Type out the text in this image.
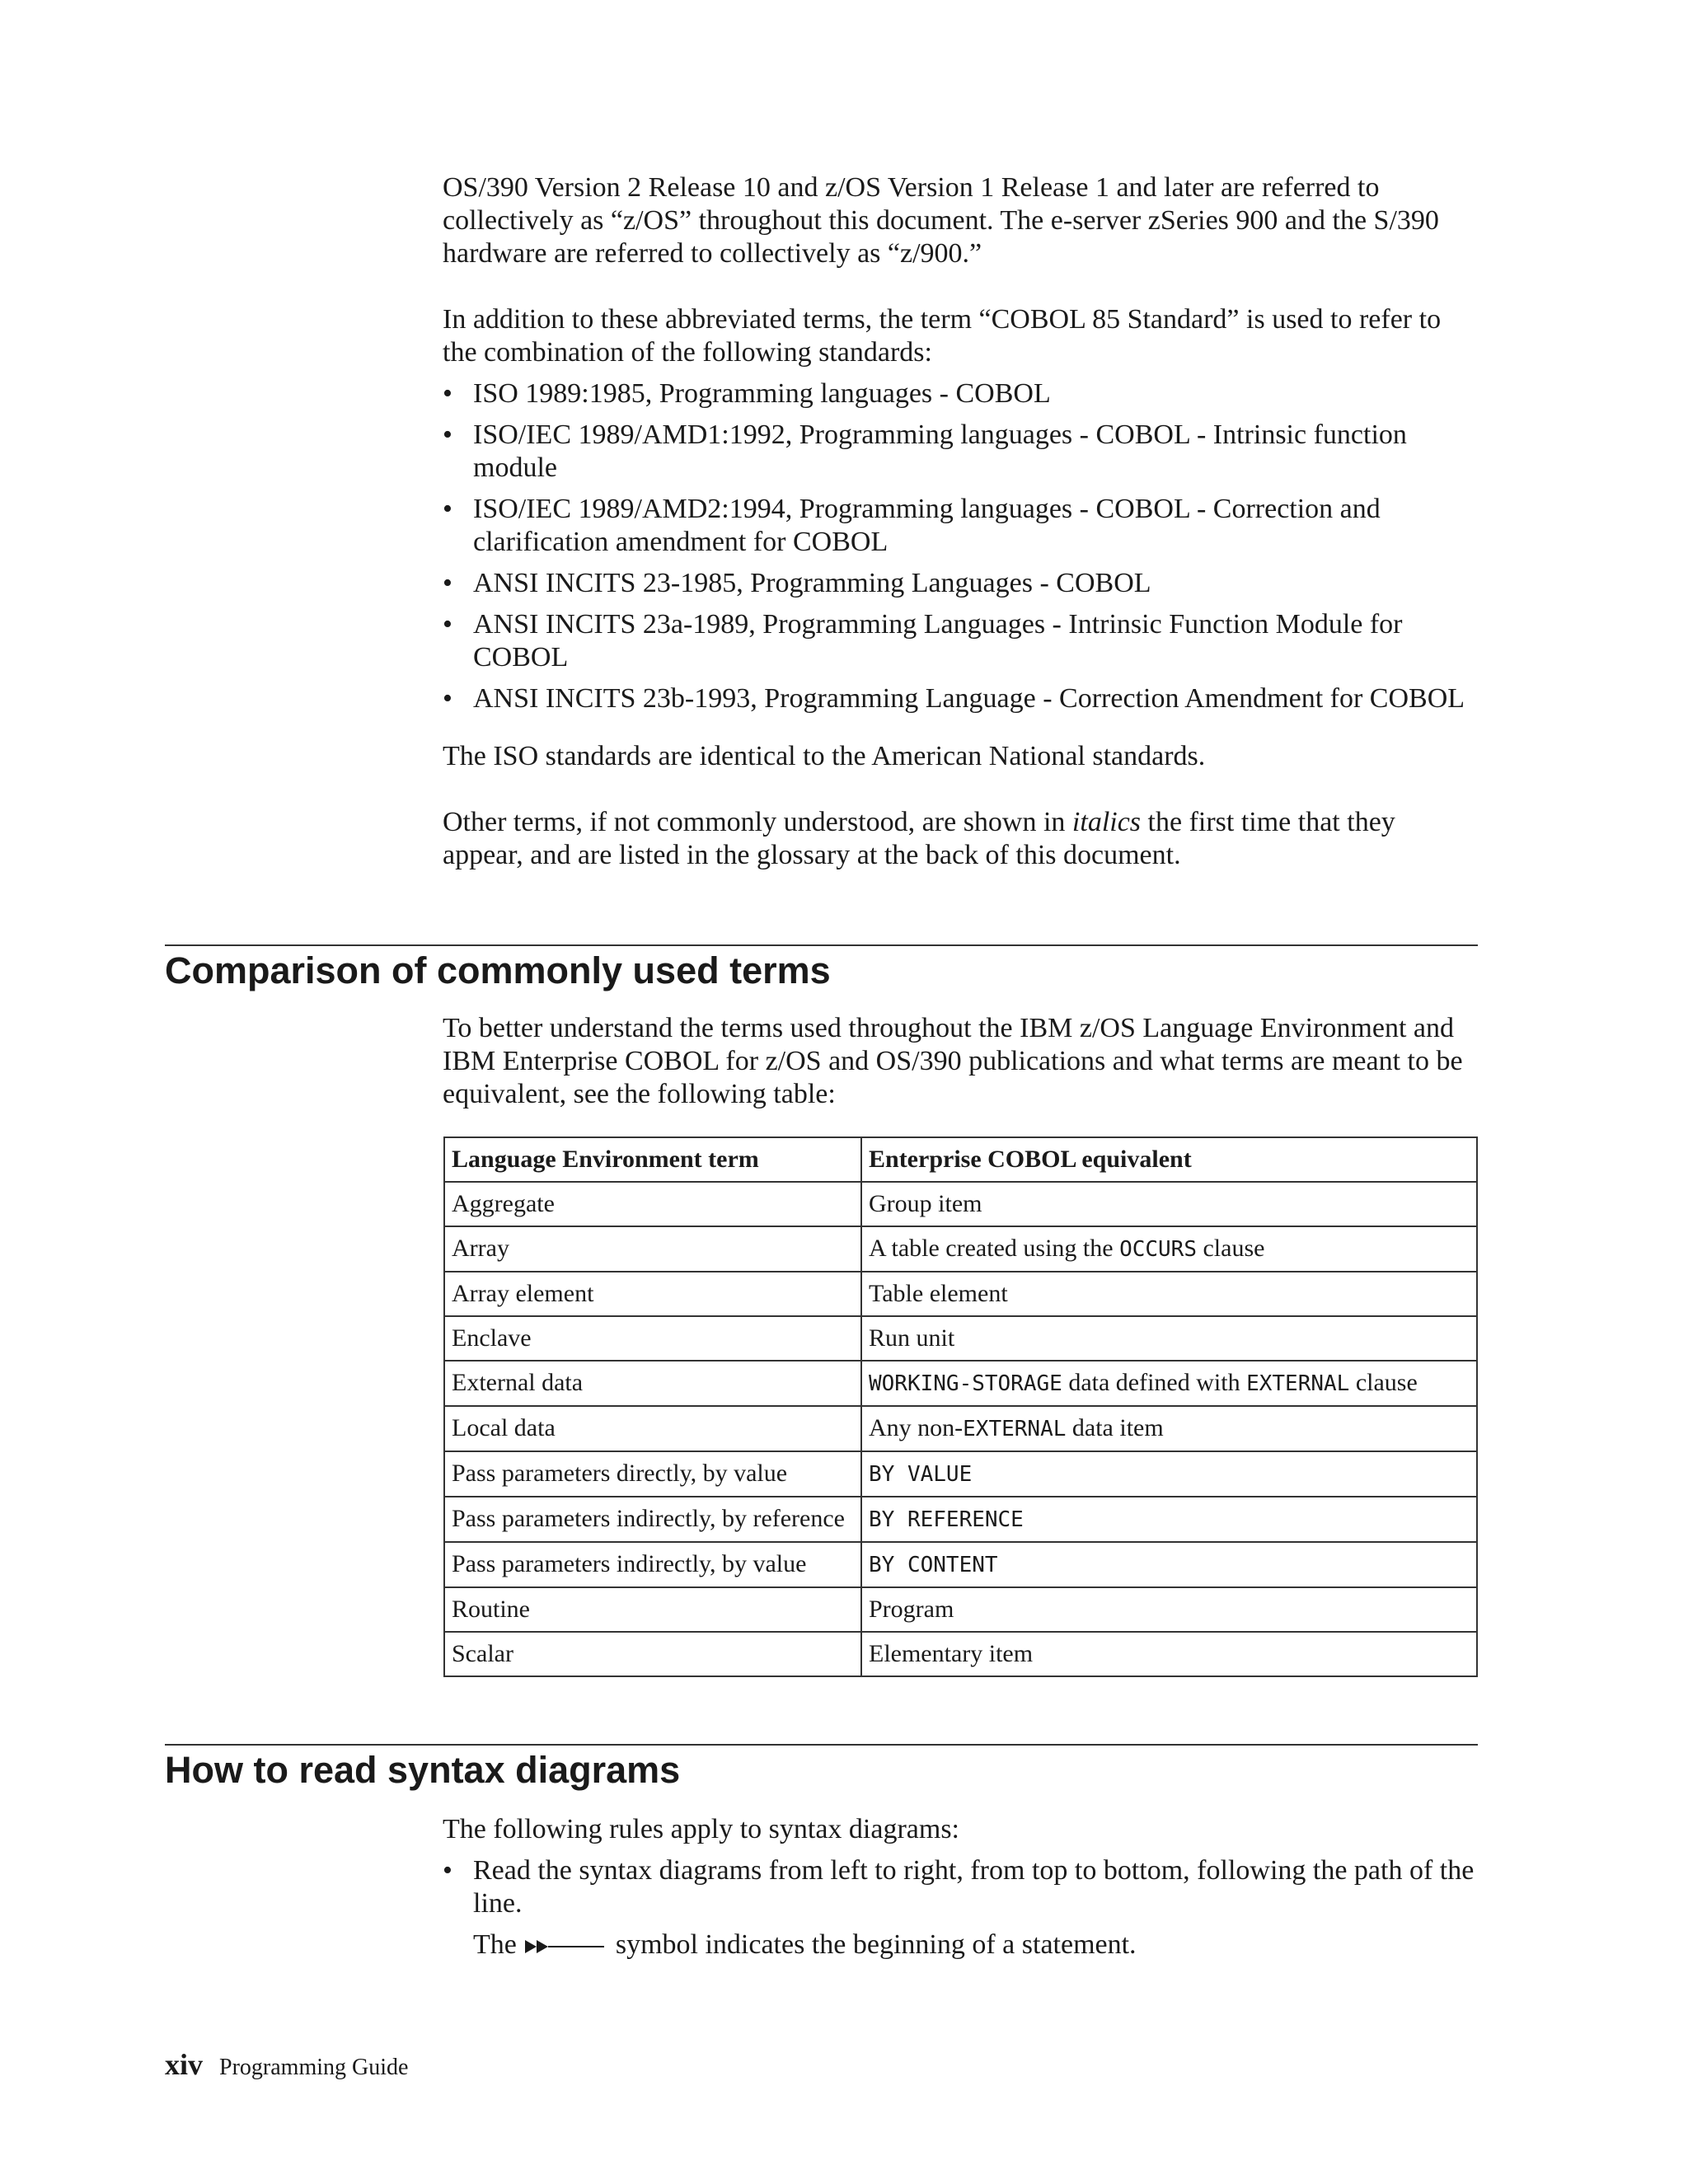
OS/390 Version 2 Release 10 and z/OS Version 1 Release 1 and later are referred to collectively as “z/OS” throughout this document. The e-server zSeries 900 and the S/390 hardware are referred to collectively as “z/900.”

In addition to these abbreviated terms, the term “COBOL 85 Standard” is used to refer to the combination of the following standards:

• ISO 1989:1985, Programming languages - COBOL
• ISO/IEC 1989/AMD1:1992, Programming languages - COBOL - Intrinsic function module
• ISO/IEC 1989/AMD2:1994, Programming languages - COBOL - Correction and clarification amendment for COBOL
• ANSI INCITS 23-1985, Programming Languages - COBOL
• ANSI INCITS 23a-1989, Programming Languages - Intrinsic Function Module for COBOL
• ANSI INCITS 23b-1993, Programming Language - Correction Amendment for COBOL

The ISO standards are identical to the American National standards.

Other terms, if not commonly understood, are shown in italics the first time that they appear, and are listed in the glossary at the back of this document.

Comparison of commonly used terms

To better understand the terms used throughout the IBM z/OS Language Environment and IBM Enterprise COBOL for z/OS and OS/390 publications and what terms are meant to be equivalent, see the following table:

Language Environment term	Enterprise COBOL equivalent
Aggregate	Group item
Array	A table created using the OCCURS clause
Array element	Table element
Enclave	Run unit
External data	WORKING-STORAGE data defined with EXTERNAL clause
Local data	Any non-EXTERNAL data item
Pass parameters directly, by value	BY VALUE
Pass parameters indirectly, by reference	BY REFERENCE
Pass parameters indirectly, by value	BY CONTENT
Routine	Program
Scalar	Elementary item
How to read syntax diagrams

The following rules apply to syntax diagrams:

• Read the syntax diagrams from left to right, from top to bottom, following the path of the line.
The	symbol indicates the beginning of a statement.
xiv Programming Guide
